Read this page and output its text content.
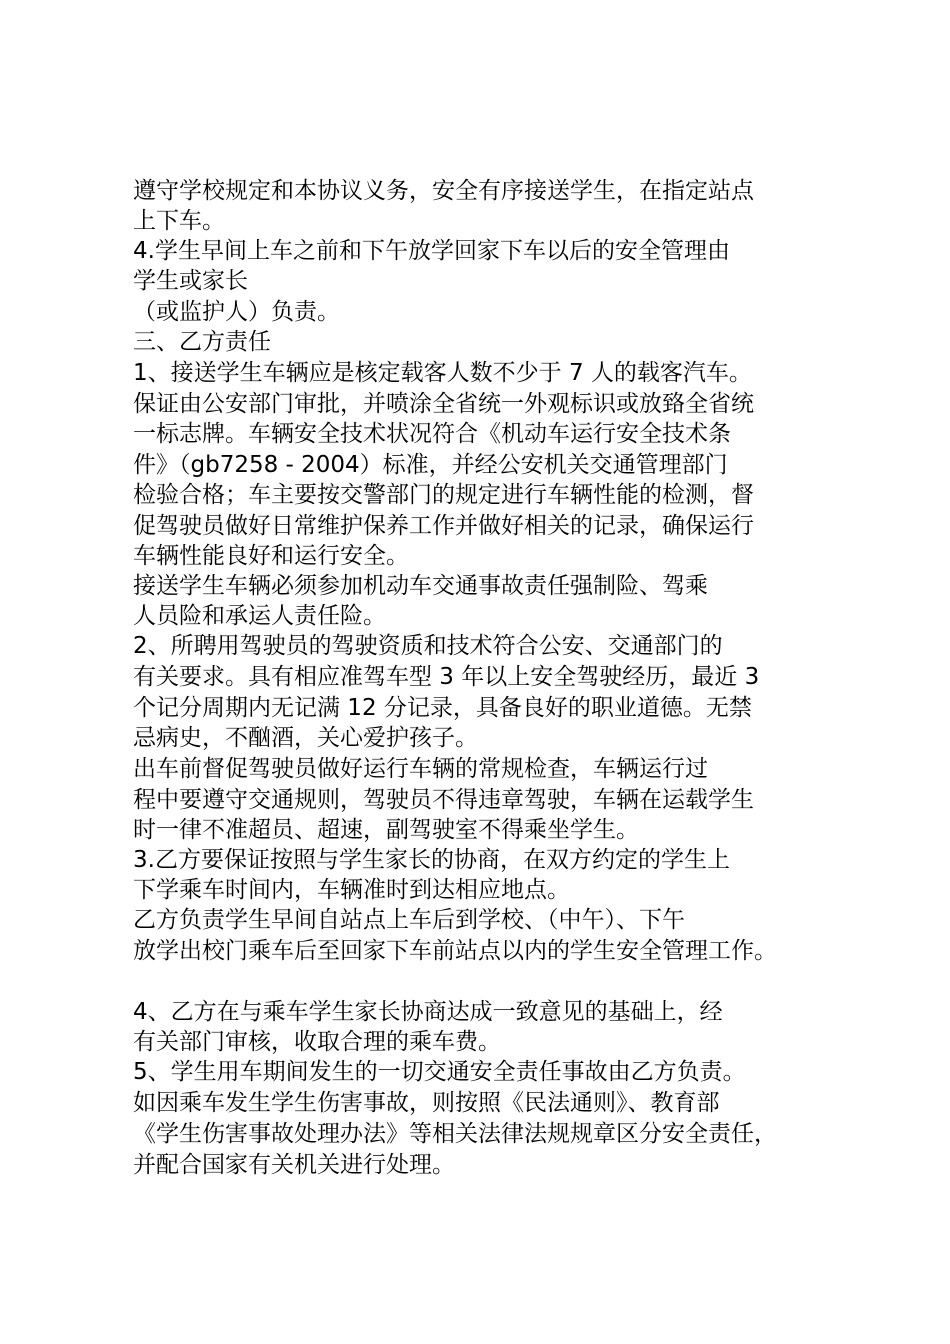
遵守学校规定和本协议义务，安全有序接送学生，在指定站点
上下车。
4.学生早间上车之前和下午放学回家下车以后的安全管理由
学生或家长
（或监护人）负责。
三、乙方责任
1、接送学生车辆应是核定载客人数不少于 7 人的载客汽车。
保证由公安部门审批，并喷涂全省统一外观标识或放臵全省统
一标志牌。车辆安全技术状况符合《机动车运行安全技术条
件》（gb7258 - 2004）标准，并经公安机关交通管理部门
检验合格；车主要按交警部门的规定进行车辆性能的检测，督
促驾驶员做好日常维护保养工作并做好相关的记录，确保运行
车辆性能良好和运行安全。
接送学生车辆必须参加机动车交通事故责任强制险、驾乘
人员险和承运人责任险。
2、所聘用驾驶员的驾驶资质和技术符合公安、交通部门的
有关要求。具有相应准驾车型 3 年以上安全驾驶经历，最近 3
个记分周期内无记满 12 分记录，具备良好的职业道德。无禁
忌病史，不酗酒，关心爱护孩子。
出车前督促驾驶员做好运行车辆的常规检查，车辆运行过
程中要遵守交通规则，驾驶员不得违章驾驶，车辆在运载学生
时一律不准超员、超速，副驾驶室不得乘坐学生。
3.乙方要保证按照与学生家长的协商，在双方约定的学生上
下学乘车时间内，车辆准时到达相应地点。
乙方负责学生早间自站点上车后到学校、（中午）、下午
放学出校门乘车后至回家下车前站点以内的学生安全管理工作。
4、乙方在与乘车学生家长协商达成一致意见的基础上，经
有关部门审核，收取合理的乘车费。
5、学生用车期间发生的一切交通安全责任事故由乙方负责。
如因乘车发生学生伤害事故，则按照《民法通则》、教育部
《学生伤害事故处理办法》等相关法律法规规章区分安全责任，
并配合国家有关机关进行处理。
